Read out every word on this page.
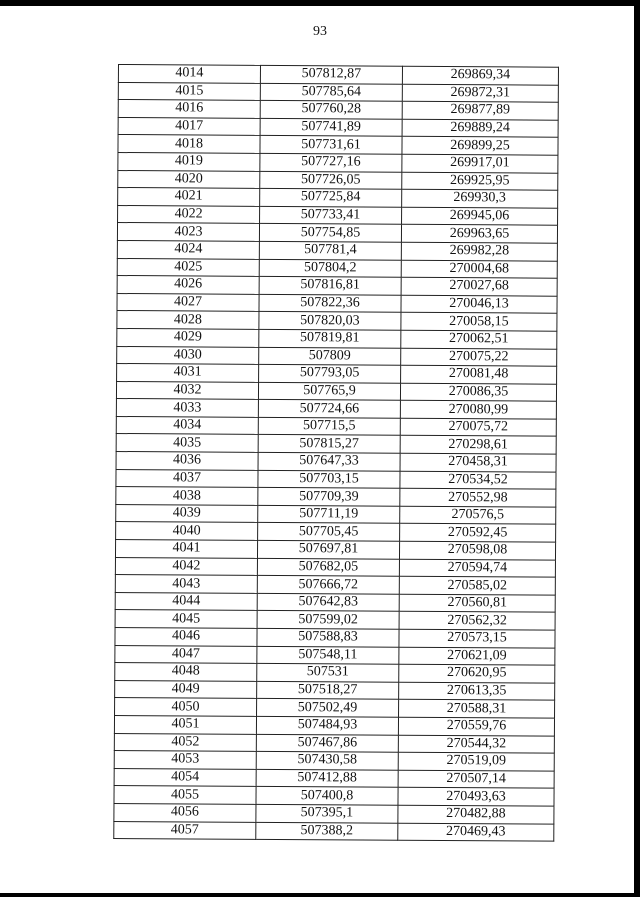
93
4014	507812,87	269869,34
4015	507785,64	269872,31
4016	507760,28	269877,89
4017	507741,89	269889,24
4018	507731,61	269899,25
4019	507727,16	269917,01
4020	507726,05	269925,95
4021	507725,84	269930,3
4022	507733,41	269945,06
4023	507754,85	269963,65
4024	507781,4	269982,28
4025	507804,2	270004,68
4026	507816,81	270027,68
4027	507822,36	270046,13
4028	507820,03	270058,15
4029	507819,81	270062,51
4030	507809	270075,22
4031	507793,05	270081,48
4032	507765,9	270086,35
4033	507724,66	270080,99
4034	507715,5	270075,72
4035	507815,27	270298,61
4036	507647,33	270458,31
4037	507703,15	270534,52
4038	507709,39	270552,98
4039	507711,19	270576,5
4040	507705,45	270592,45
4041	507697,81	270598,08
4042	507682,05	270594,74
4043	507666,72	270585,02
4044	507642,83	270560,81
4045	507599,02	270562,32
4046	507588,83	270573,15
4047	507548,11	270621,09
4048	507531	270620,95
4049	507518,27	270613,35
4050	507502,49	270588,31
4051	507484,93	270559,76
4052	507467,86	270544,32
4053	507430,58	270519,09
4054	507412,88	270507,14
4055	507400,8	270493,63
4056	507395,1	270482,88
4057	507388,2	270469,43
